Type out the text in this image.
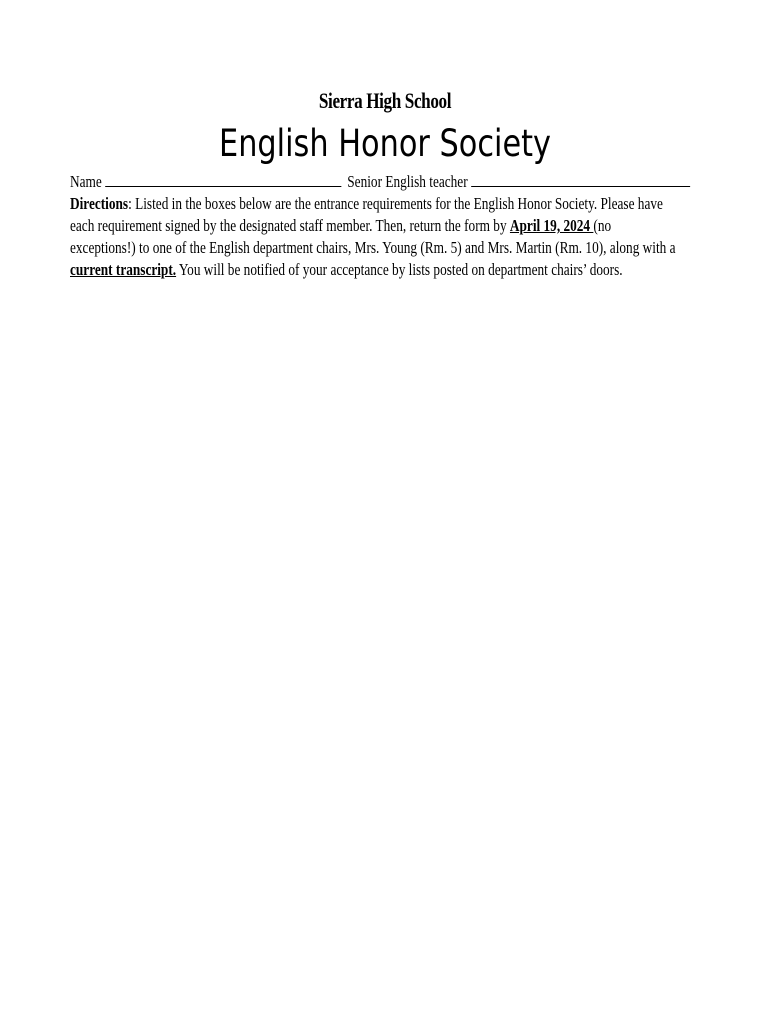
Sierra High School
English Honor Society
Name	Senior English teacher
Directions: Listed in the boxes below are the entrance requirements for the English Honor Society. Please have
each requirement signed by the designated staff member. Then, return the form by April 19, 2024 (no
exceptions!) to one of the English department chairs, Mrs. Young (Rm. 5) and Mrs. Martin (Rm. 10), along with a
current transcript. You will be notified of your acceptance by lists posted on department chairs’ doors.
